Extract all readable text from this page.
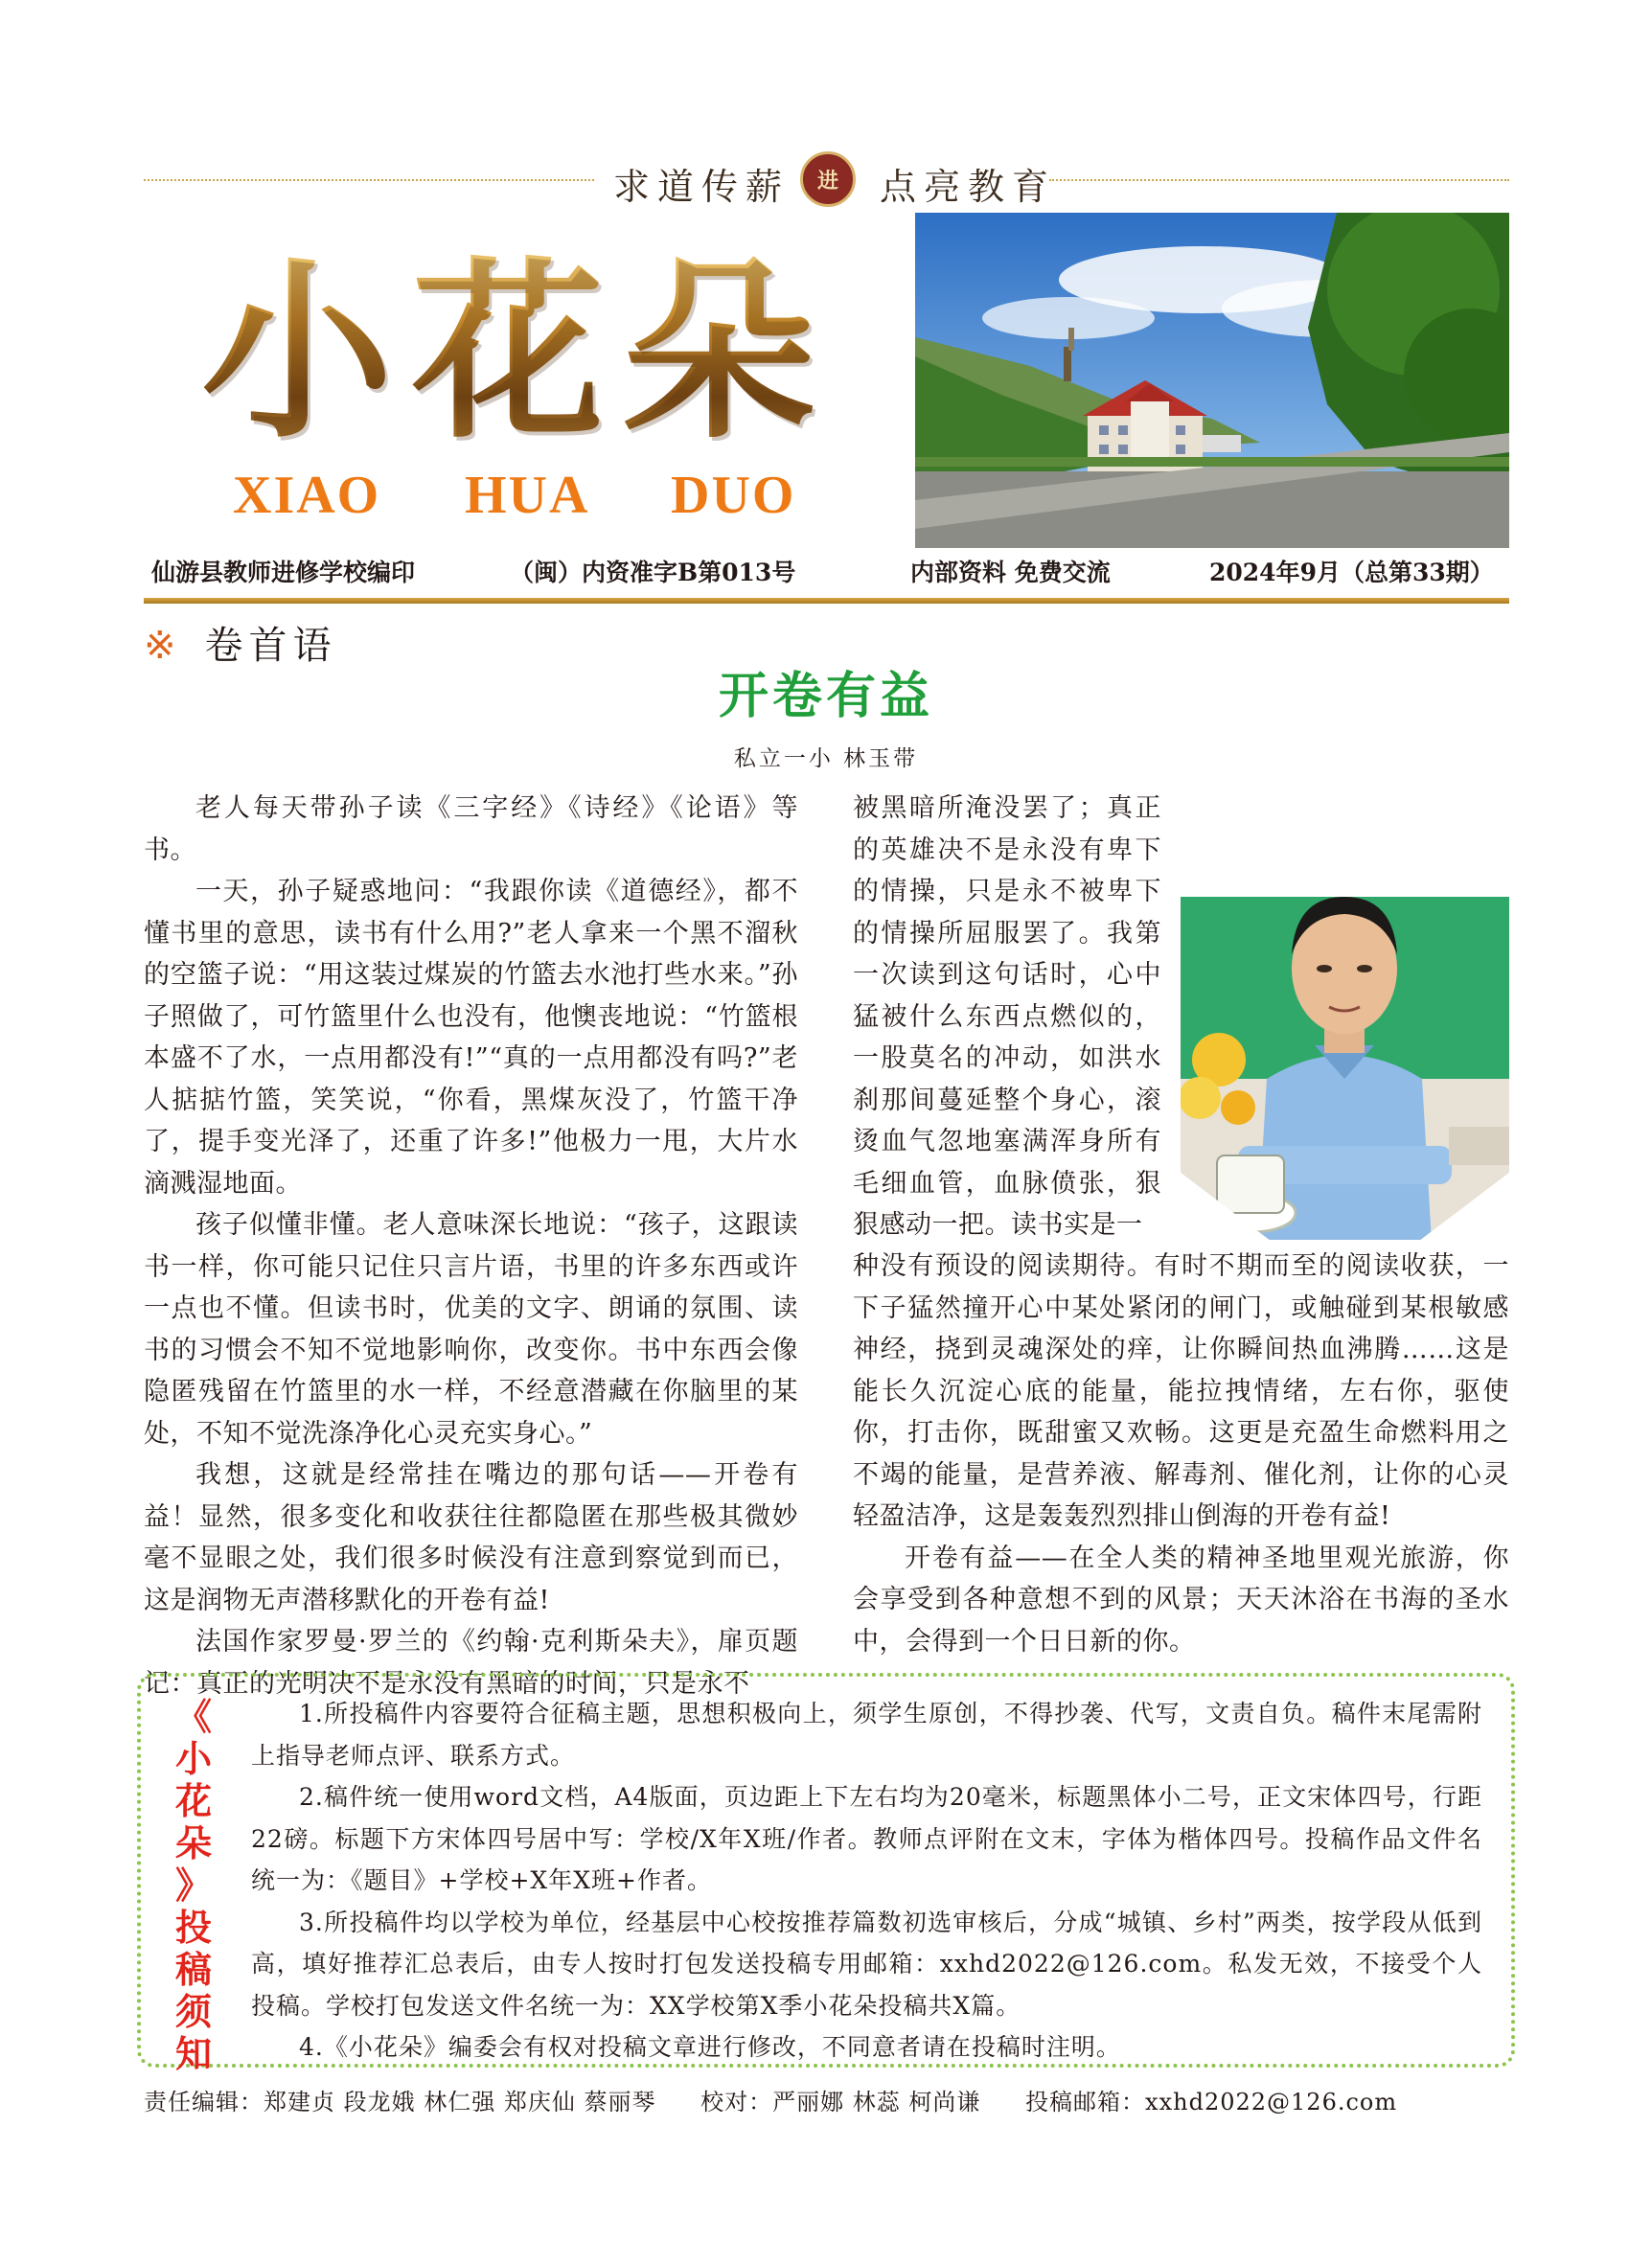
求道传薪 进 点亮教育
小花朵
XIAO HUA DUO
仙游县教师进修学校编印	（闽）内资准字B第013号	内部资料 免费交流	2024年9月（总第33期）
※ 卷首语
开卷有益
私立一小 林玉带

老人每天带孙子读《三字经》《诗经》《论语》等书。

一天，孙子疑惑地问：“我跟你读《道德经》，都不懂书里的意思，读书有什么用?”老人拿来一个黑不溜秋的空篮子说：“用这装过煤炭的竹篮去水池打些水来。”孙子照做了，可竹篮里什么也没有，他懊丧地说：“竹篮根本盛不了水，一点用都没有!”“真的一点用都没有吗?”老人掂掂竹篮，笑笑说，“你看，黑煤灰没了，竹篮干净了，提手变光泽了，还重了许多!”他极力一甩，大片水滴溅湿地面。

孩子似懂非懂。老人意味深长地说：“孩子，这跟读书一样，你可能只记住只言片语，书里的许多东西或许一点也不懂。但读书时，优美的文字、朗诵的氛围、读书的习惯会不知不觉地影响你，改变你。书中东西会像隐匿残留在竹篮里的水一样，不经意潜藏在你脑里的某处，不知不觉洗涤净化心灵充实身心。”

我想，这就是经常挂在嘴边的那句话——开卷有益！显然，很多变化和收获往往都隐匿在那些极其微妙毫不显眼之处，我们很多时候没有注意到察觉到而已，这是润物无声潜移默化的开卷有益!

法国作家罗曼·罗兰的《约翰·克利斯朵夫》，扉页题记：真正的光明决不是永没有黑暗的时间，只是永不

被黑暗所淹没罢了；真正的英雄决不是永没有卑下的情操，只是永不被卑下的情操所屈服罢了。我第一次读到这句话时，心中猛被什么东西点燃似的，一股莫名的冲动，如洪水刹那间蔓延整个身心，滚烫血气忽地塞满浑身所有毛细血管，血脉偾张，狠狠感动一把。读书实是一

种没有预设的阅读期待。有时不期而至的阅读收获，一下子猛然撞开心中某处紧闭的闸门，或触碰到某根敏感神经，挠到灵魂深处的痒，让你瞬间热血沸腾……这是能长久沉淀心底的能量，能拉拽情绪，左右你，驱使你，打击你，既甜蜜又欢畅。这更是充盈生命燃料用之不竭的能量，是营养液、解毒剂、催化剂，让你的心灵轻盈洁净，这是轰轰烈烈排山倒海的开卷有益!

开卷有益——在全人类的精神圣地里观光旅游，你会享受到各种意想不到的风景；天天沐浴在书海的圣水中，会得到一个日日新的你。

《
小
花
朵
》
投
稿
须
知

1.所投稿件内容要符合征稿主题，思想积极向上，须学生原创，不得抄袭、代写，文责自负。稿件末尾需附上指导老师点评、联系方式。

2.稿件统一使用word文档，A4版面，页边距上下左右均为20毫米，标题黑体小二号，正文宋体四号，行距22磅。标题下方宋体四号居中写：学校/X年X班/作者。教师点评附在文末，字体为楷体四号。投稿作品文件名统一为：《题目》+学校+X年X班+作者。

3.所投稿件均以学校为单位，经基层中心校按推荐篇数初选审核后，分成“城镇、乡村”两类，按学段从低到高，填好推荐汇总表后，由专人按时打包发送投稿专用邮箱：xxhd2022@126.com。私发无效，不接受个人投稿。学校打包发送文件名统一为：XX学校第X季小花朵投稿共X篇。

4.《小花朵》编委会有权对投稿文章进行修改，不同意者请在投稿时注明。

责任编辑：郑建贞 段龙娥 林仁强 郑庆仙 蔡丽琴 校对：严丽娜 林蕊 柯尚谦 投稿邮箱：xxhd2022@126.com
